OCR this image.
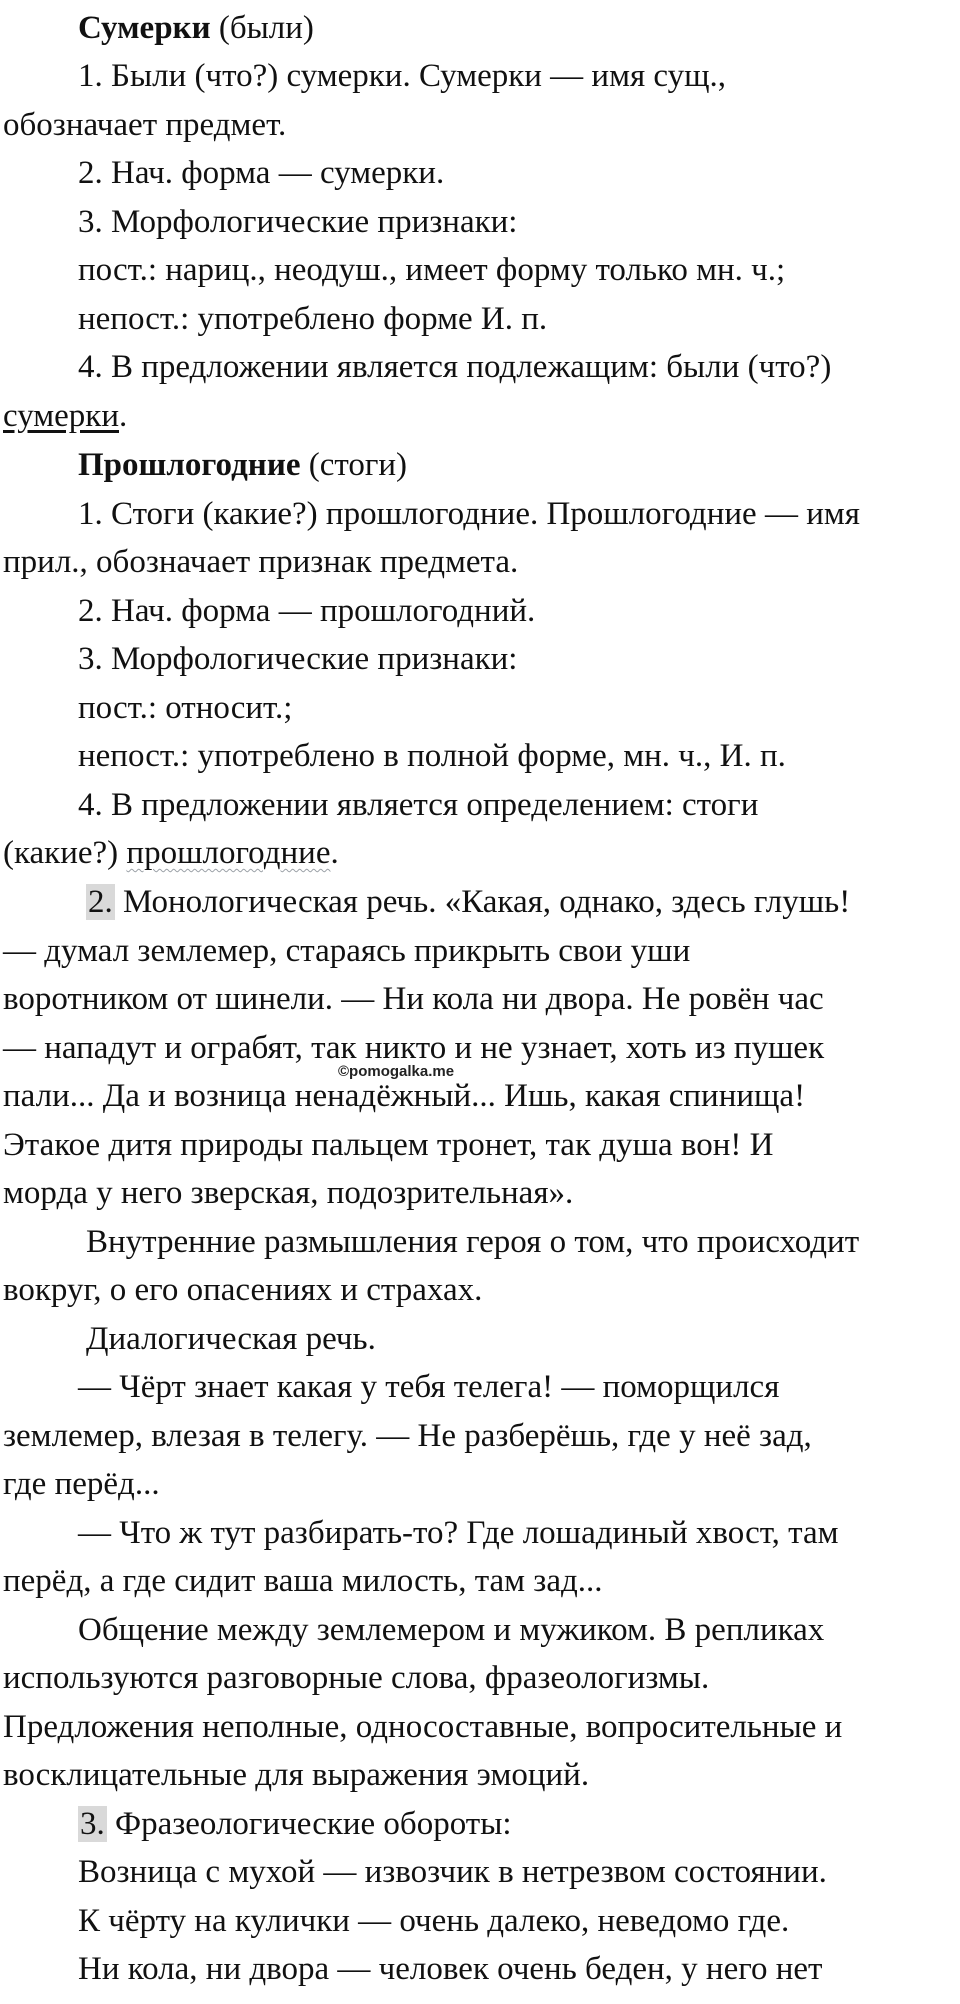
Сумерки (были)
1. Были (что?) сумерки. Сумерки — имя сущ.,
обозначает предмет.
2. Нач. форма — сумерки.
3. Морфологические признаки:
пост.: нариц., неодуш., имеет форму только мн. ч.;
непост.: употреблено форме И. п.
4. В предложении является подлежащим: были (что?)
сумерки.
Прошлогодние (стоги)
1. Стоги (какие?) прошлогодние. Прошлогодние — имя
прил., обозначает признак предмета.
2. Нач. форма — прошлогодний.
3. Морфологические признаки:
пост.: относит.;
непост.: употреблено в полной форме, мн. ч., И. п.
4. В предложении является определением: стоги
(какие?) прошлогодние.
2. Монологическая речь. «Какая, однако, здесь глушь!
— думал землемер, стараясь прикрыть свои уши
воротником от шинели. — Ни кола ни двора. Не ровён час
— нападут и ограбят, так никто и не узнает, хоть из пушек
©pomogalka.me
пали... Да и возница ненадёжный... Ишь, какая спинища!
Этакое дитя природы пальцем тронет, так душа вон! И
морда у него зверская, подозрительная».
Внутренние размышления героя о том, что происходит
вокруг, о его опасениях и страхах.
Диалогическая речь.
— Чёрт знает какая у тебя телега! — поморщился
землемер, влезая в телегу. — Не разберёшь, где у неё зад,
где перёд...
— Что ж тут разбирать-то? Где лошадиный хвост, там
перёд, а где сидит ваша милость, там зад...
Общение между землемером и мужиком. В репликах
используются разговорные слова, фразеологизмы.
Предложения неполные, односоставные, вопросительные и
восклицательные для выражения эмоций.
3. Фразеологические обороты:
Возница с мухой — извозчик в нетрезвом состоянии.
К чёрту на кулички — очень далеко, неведомо где.
Ни кола, ни двора — человек очень беден, у него нет
